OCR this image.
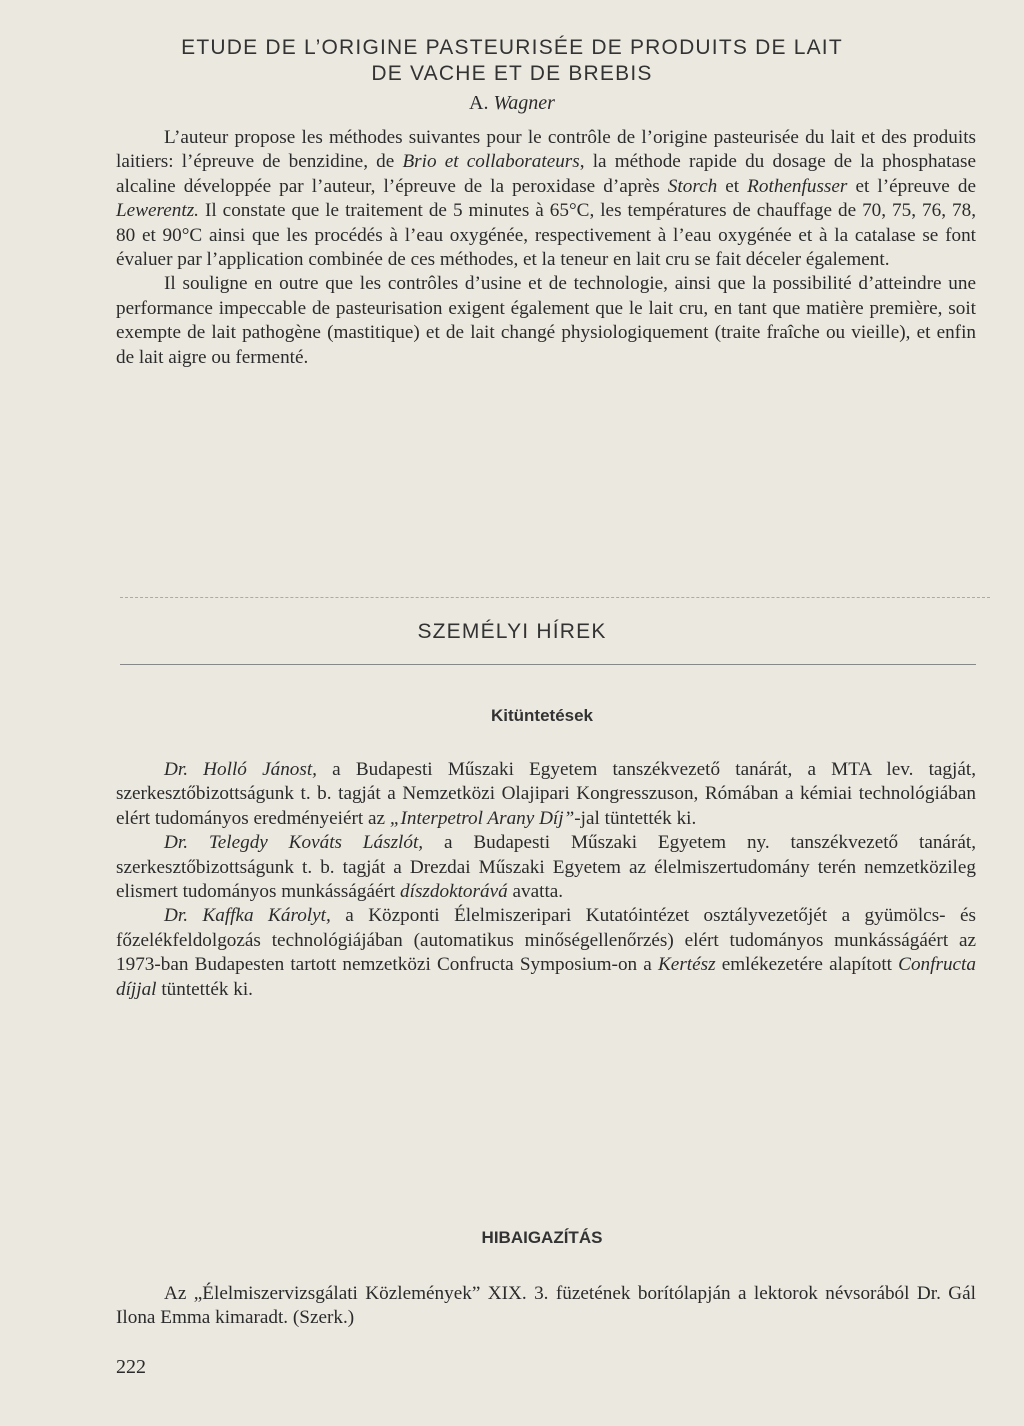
ETUDE DE L’ORIGINE PASTEURISÉE DE PRODUITS DE LAIT
DE VACHE ET DE BREBIS
A. Wagner

L’auteur propose les méthodes suivantes pour le contrôle de l’origine pasteurisée du lait et des produits laitiers: l’épreuve de benzidine, de Brio et collaborateurs, la méthode rapide du dosage de la phosphatase alcaline développée par l’auteur, l’épreuve de la peroxidase d’après Storch et Rothenfusser et l’épreuve de Lewerentz. Il constate que le traitement de 5 minutes à 65°C, les températures de chauffage de 70, 75, 76, 78, 80 et 90°C ainsi que les procédés à l’eau oxygénée, respectivement à l’eau oxygénée et à la catalase se font évaluer par l’application combinée de ces méthodes, et la teneur en lait cru se fait déceler également.

Il souligne en outre que les contrôles d’usine et de technologie, ainsi que la possibilité d’atteindre une performance impeccable de pasteurisation exigent également que le lait cru, en tant que matière première, soit exempte de lait pathogène (mastitique) et de lait changé physiologiquement (traite fraîche ou vieille), et enfin de lait aigre ou fermenté.

SZEMÉLYI HÍREK
Kitüntetések

Dr. Holló Jánost, a Budapesti Műszaki Egyetem tanszékvezető tanárát, a MTA lev. tagját, szerkesztőbizottságunk t. b. tagját a Nemzetközi Olajipari Kongresszuson, Rómában a kémiai technológiában elért tudományos eredményeiért az „Interpetrol Arany Díj”-jal tüntették ki.

Dr. Telegdy Kováts Lászlót, a Budapesti Műszaki Egyetem ny. tanszékvezető tanárát, szerkesztőbizottságunk t. b. tagját a Drezdai Műszaki Egyetem az élelmiszertudomány terén nemzetközileg elismert tudományos munkásságáért díszdoktorává avatta.

Dr. Kaffka Károlyt, a Központi Élelmiszeripari Kutatóintézet osztályvezetőjét a gyümölcs- és főzelékfeldolgozás technológiájában (automatikus minőségellenőrzés) elért tudományos munkásságáért az 1973-ban Budapesten tartott nemzetközi Confructa Symposium-on a Kertész emlékezetére alapított Confructa díjjal tüntették ki.

HIBAIGAZÍTÁS

Az „Élelmiszervizsgálati Közlemények” XIX. 3. füzetének borítólapján a lektorok névsorából Dr. Gál Ilona Emma kimaradt. (Szerk.)

222
